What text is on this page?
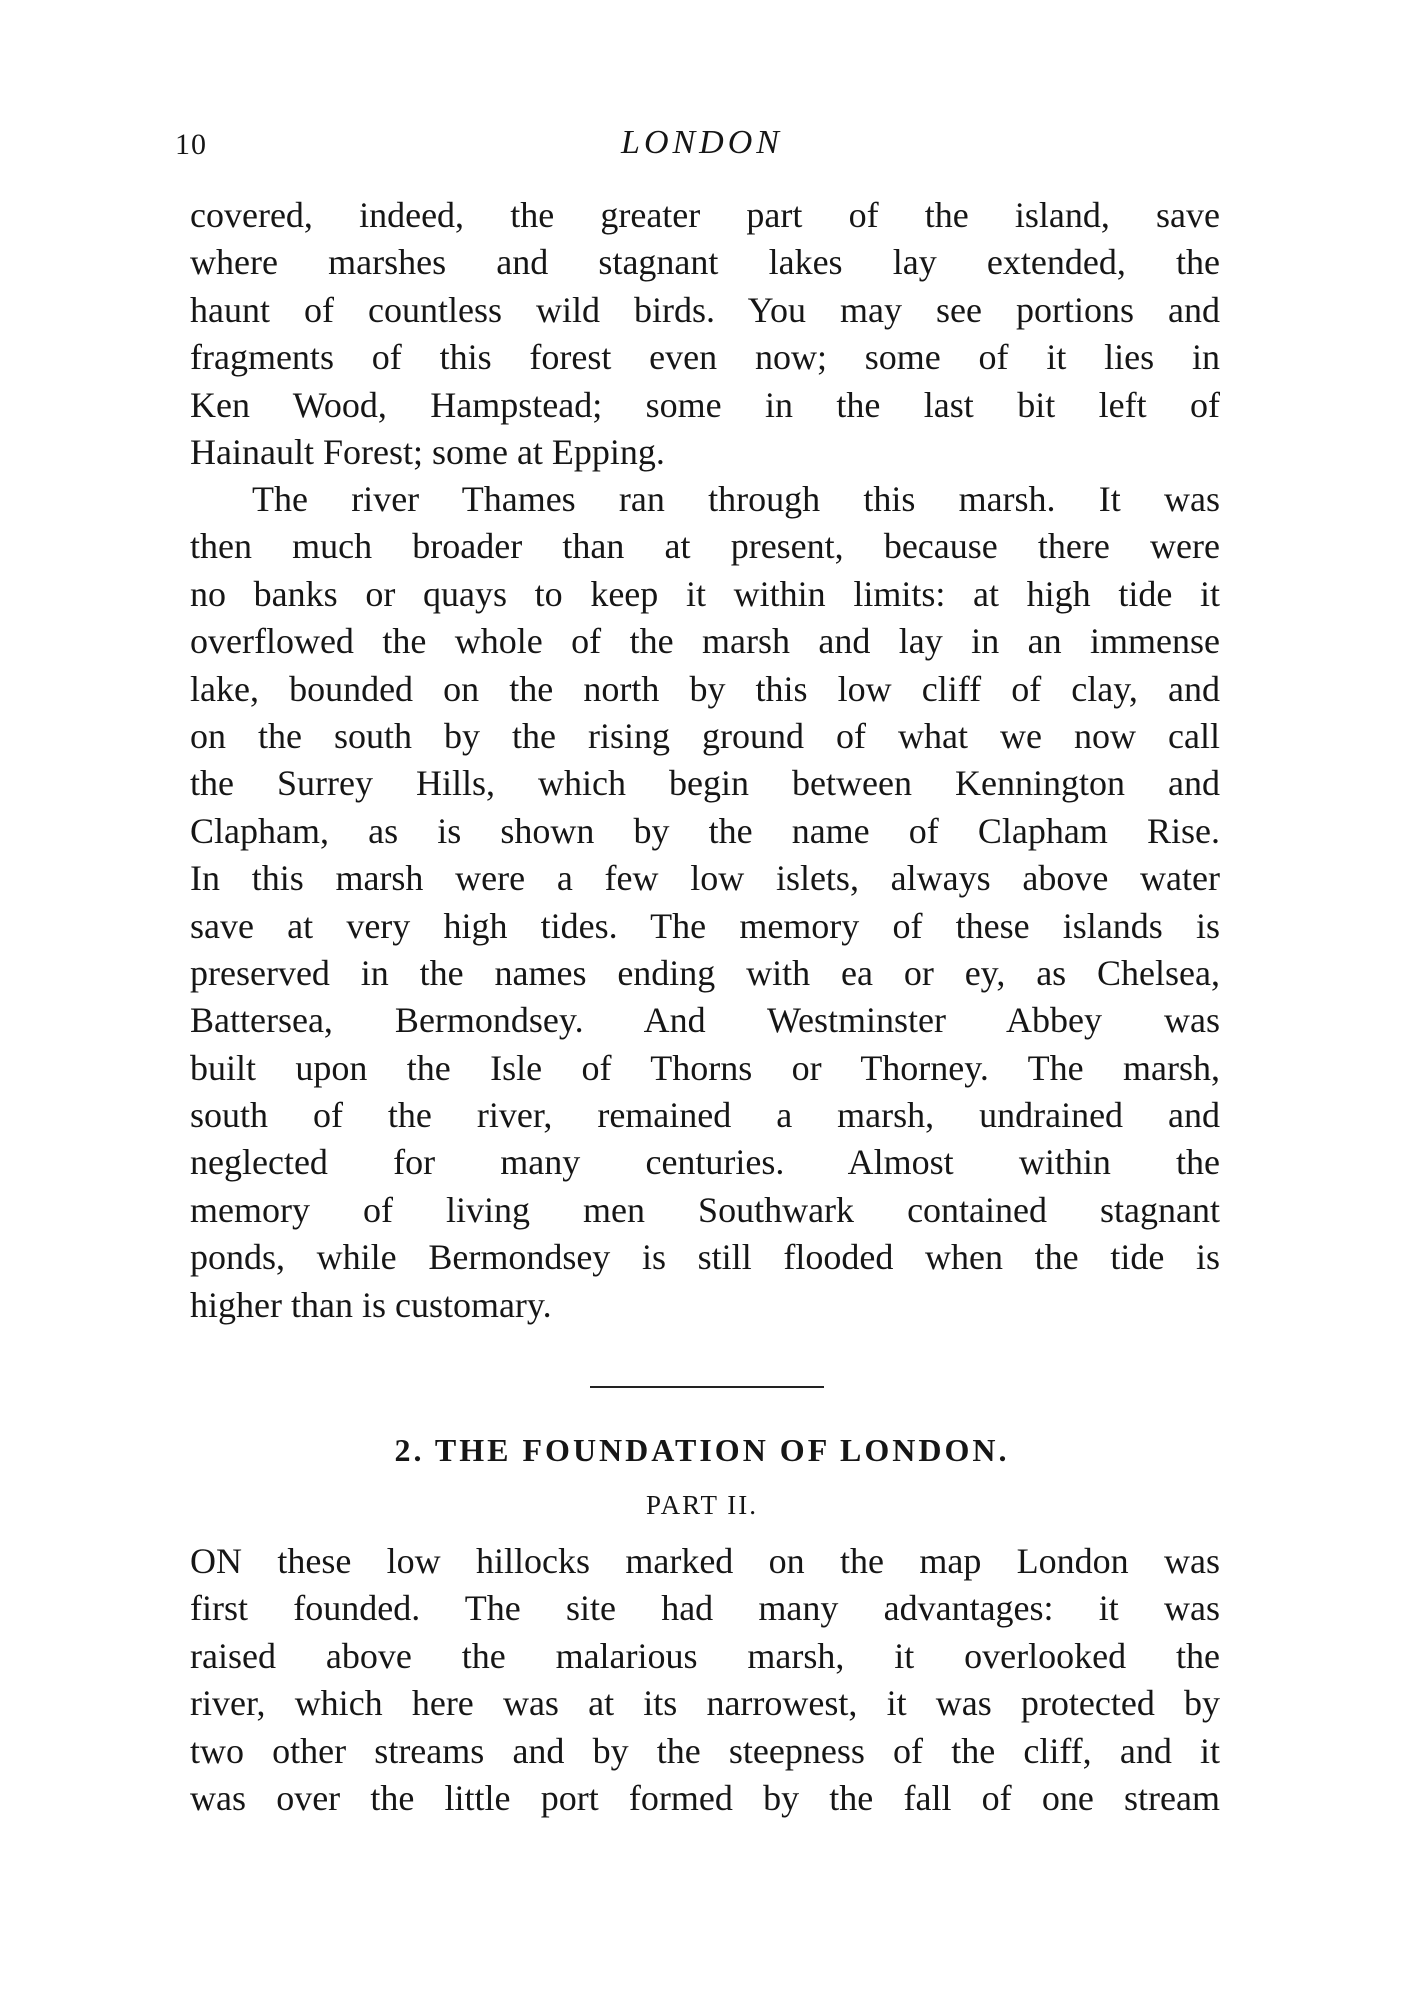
10	LONDON
covered, indeed, the greater part of the island, save
where marshes and stagnant lakes lay extended, the
haunt of countless wild birds. You may see portions and
fragments of this forest even now; some of it lies in
Ken Wood, Hampstead; some in the last bit left of
Hainault Forest; some at Epping.
The river Thames ran through this marsh. It was
then much broader than at present, because there were
no banks or quays to keep it within limits: at high tide it
overflowed the whole of the marsh and lay in an immense
lake, bounded on the north by this low cliff of clay, and
on the south by the rising ground of what we now call
the Surrey Hills, which begin between Kennington and
Clapham, as is shown by the name of Clapham Rise.
In this marsh were a few low islets, always above water
save at very high tides. The memory of these islands is
preserved in the names ending with ea or ey, as Chelsea,
Battersea, Bermondsey. And Westminster Abbey was
built upon the Isle of Thorns or Thorney. The marsh,
south of the river, remained a marsh, undrained and
neglected for many centuries. Almost within the
memory of living men Southwark contained stagnant
ponds, while Bermondsey is still flooded when the tide is
higher than is customary.
2. THE FOUNDATION OF LONDON.
PART II.
ON these low hillocks marked on the map London was
first founded. The site had many advantages: it was
raised above the malarious marsh, it overlooked the
river, which here was at its narrowest, it was protected by
two other streams and by the steepness of the cliff, and it
was over the little port formed by the fall of one stream
